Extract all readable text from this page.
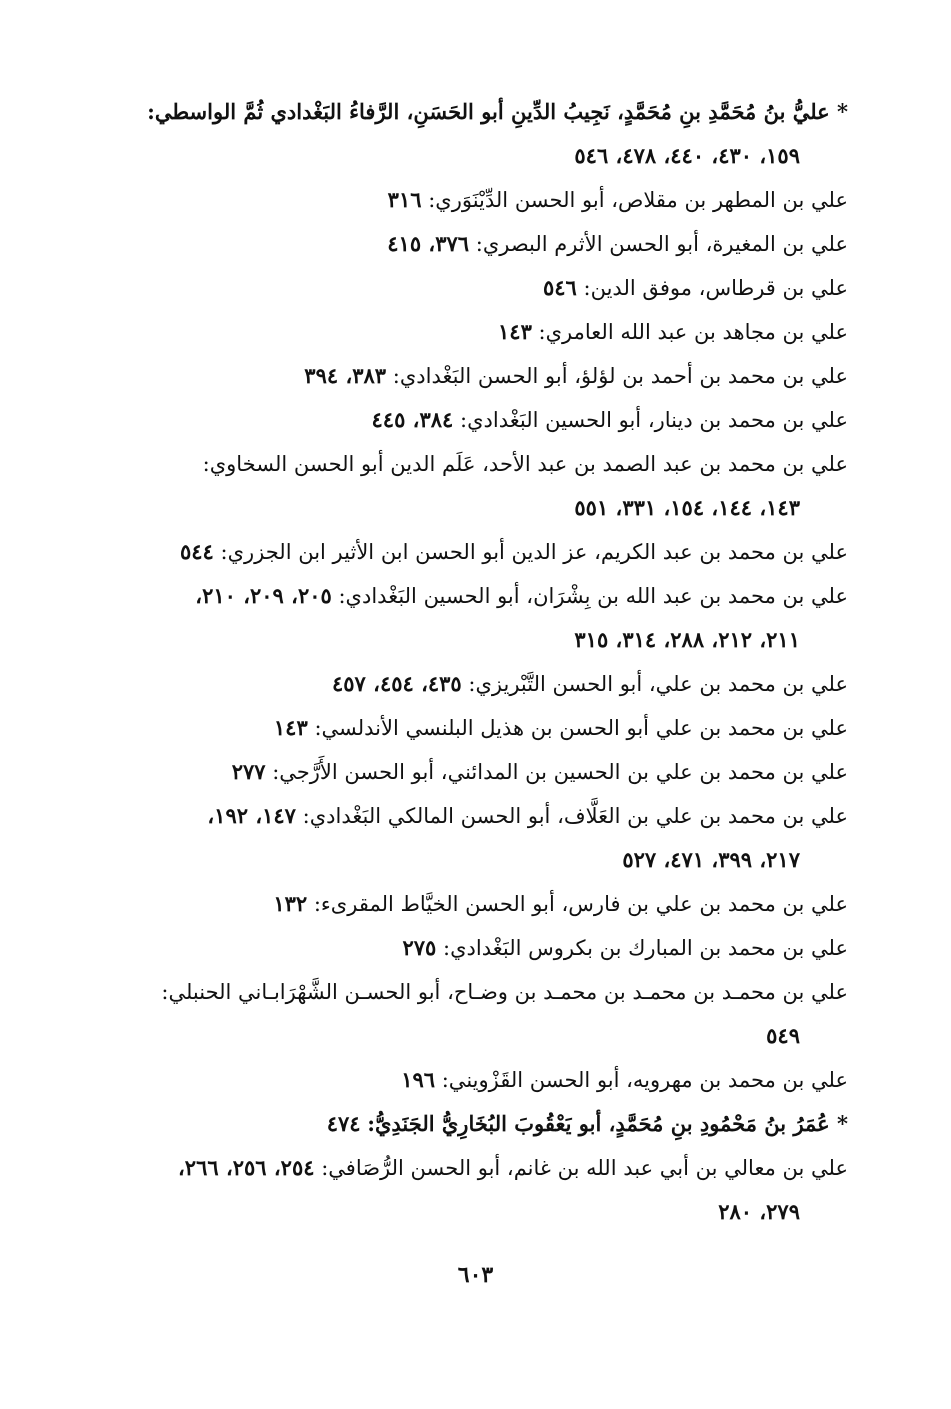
* عليُّ بنُ مُحَمَّدِ بنِ مُحَمَّدٍ، نَجِيبُ الدِّينِ أبو الحَسَنِ، الرَّفاءُ البَغْدادي ثُمَّ الواسطي:
١٥٩، ٤٣٠، ٤٤٠، ٤٧٨، ٥٤٦
علي بن المطهر بن مقلاص، أبو الحسن الدِّيْنَوَري: ٣١٦
علي بن المغيرة، أبو الحسن الأثرم البصري: ٣٧٦، ٤١٥
علي بن قرطاس، موفق الدين: ٥٤٦
علي بن مجاهد بن عبد الله العامري: ١٤٣
علي بن محمد بن أحمد بن لؤلؤ، أبو الحسن البَغْدادي: ٣٨٣، ٣٩٤
علي بن محمد بن دينار، أبو الحسين البَغْدادي: ٣٨٤، ٤٤٥
علي بن محمد بن عبد الصمد بن عبد الأحد، عَلَم الدين أبو الحسن السخاوي:
١٤٣، ١٤٤، ١٥٤، ٣٣١، ٥٥١
علي بن محمد بن عبد الكريم، عز الدين أبو الحسن ابن الأثير ابن الجزري: ٥٤٤
علي بن محمد بن عبد الله بن بِشْرَان، أبو الحسين البَغْدادي: ٢٠٥، ٢٠٩، ٢١٠،
٢١١، ٢١٢، ٢٨٨، ٣١٤، ٣١٥
علي بن محمد بن علي، أبو الحسن التَّبْريزي: ٤٣٥، ٤٥٤، ٤٥٧
علي بن محمد بن علي أبو الحسن بن هذيل البلنسي الأندلسي: ١٤٣
علي بن محمد بن علي بن الحسين بن المدائني، أبو الحسن الأَرَّجي: ٢٧٧
علي بن محمد بن علي بن العَلَّاف، أبو الحسن المالكي البَغْدادي: ١٤٧، ١٩٢،
٢١٧، ٣٩٩، ٤٧١، ٥٢٧
علي بن محمد بن علي بن فارس، أبو الحسن الخيَّاط المقرىء: ١٣٢
علي بن محمد بن المبارك بن بكروس البَغْدادي: ٢٧٥
علي بن محمـد بن محمـد بن محمـد بن وضـاح، أبو الحسـن الشَّهْرَابـاني الحنبلي:
٥٤٩
علي بن محمد بن مهرويه، أبو الحسن القَزْويني: ١٩٦
* عُمَرُ بنُ مَحْمُودِ بنِ مُحَمَّدٍ، أبو يَعْقُوبَ البُخَارِيُّ الجَنَدِيُّ: ٤٧٤
علي بن معالي بن أبي عبد الله بن غانم، أبو الحسن الرُّصَافي: ٢٥٤، ٢٥٦، ٢٦٦،
٢٧٩، ٢٨٠
٦٠٣
